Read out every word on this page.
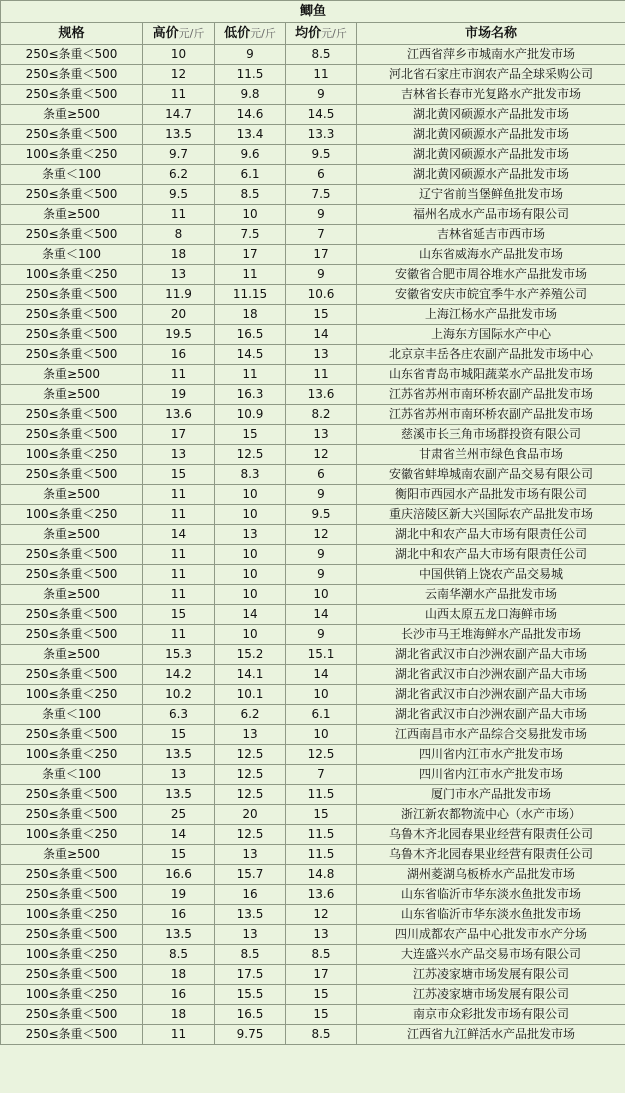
鲫鱼				
规格	高价元/斤	低价元/斤	均价元/斤	市场名称
250≤条重＜500	10	9	8.5	江西省萍乡市城南水产批发市场
250≤条重＜500	12	11.5	11	河北省石家庄市润农产品全球采购公司
250≤条重＜500	11	9.8	9	吉林省长春市光复路水产批发市场
条重≥500	14.7	14.6	14.5	湖北黄冈硕源水产品批发市场
250≤条重＜500	13.5	13.4	13.3	湖北黄冈硕源水产品批发市场
100≤条重＜250	9.7	9.6	9.5	湖北黄冈硕源水产品批发市场
条重＜100	6.2	6.1	6	湖北黄冈硕源水产品批发市场
250≤条重＜500	9.5	8.5	7.5	辽宁省前当堡鲜鱼批发市场
条重≥500	11	10	9	福州名成水产品市场有限公司
250≤条重＜500	8	7.5	7	吉林省延吉市西市场
条重＜100	18	17	17	山东省威海水产品批发市场
100≤条重＜250	13	11	9	安徽省合肥市周谷堆水产品批发市场
250≤条重＜500	11.9	11.15	10.6	安徽省安庆市皖宜季牛水产养殖公司
250≤条重＜500	20	18	15	上海江杨水产品批发市场
250≤条重＜500	19.5	16.5	14	上海东方国际水产中心
250≤条重＜500	16	14.5	13	北京京丰岳各庄农副产品批发市场中心
条重≥500	11	11	11	山东省青岛市城阳蔬菜水产品批发市场
条重≥500	19	16.3	13.6	江苏省苏州市南环桥农副产品批发市场
250≤条重＜500	13.6	10.9	8.2	江苏省苏州市南环桥农副产品批发市场
250≤条重＜500	17	15	13	慈溪市长三角市场群投资有限公司
100≤条重＜250	13	12.5	12	甘肃省兰州市绿色食品市场
250≤条重＜500	15	8.3	6	安徽省蚌埠城南农副产品交易有限公司
条重≥500	11	10	9	衡阳市西园水产品批发市场有限公司
100≤条重＜250	11	10	9.5	重庆涪陵区新大兴国际农产品批发市场
条重≥500	14	13	12	湖北中和农产品大市场有限责任公司
250≤条重＜500	11	10	9	湖北中和农产品大市场有限责任公司
250≤条重＜500	11	10	9	中国供销上饶农产品交易城
条重≥500	11	10	10	云南华潮水产品批发市场
250≤条重＜500	15	14	14	山西太原五龙口海鲜市场
250≤条重＜500	11	10	9	长沙市马王堆海鲜水产品批发市场
条重≥500	15.3	15.2	15.1	湖北省武汉市白沙洲农副产品大市场
250≤条重＜500	14.2	14.1	14	湖北省武汉市白沙洲农副产品大市场
100≤条重＜250	10.2	10.1	10	湖北省武汉市白沙洲农副产品大市场
条重＜100	6.3	6.2	6.1	湖北省武汉市白沙洲农副产品大市场
250≤条重＜500	15	13	10	江西南昌市水产品综合交易批发市场
100≤条重＜250	13.5	12.5	12.5	四川省内江市水产批发市场
条重＜100	13	12.5	7	四川省内江市水产批发市场
250≤条重＜500	13.5	12.5	11.5	厦门市水产品批发市场
250≤条重＜500	25	20	15	浙江新农都物流中心（水产市场）
100≤条重＜250	14	12.5	11.5	乌鲁木齐北园春果业经营有限责任公司
条重≥500	15	13	11.5	乌鲁木齐北园春果业经营有限责任公司
250≤条重＜500	16.6	15.7	14.8	湖州菱湖乌板桥水产品批发市场
250≤条重＜500	19	16	13.6	山东省临沂市华东淡水鱼批发市场
100≤条重＜250	16	13.5	12	山东省临沂市华东淡水鱼批发市场
250≤条重＜500	13.5	13	13	四川成都农产品中心批发市水产分场
100≤条重＜250	8.5	8.5	8.5	大连盛兴水产品交易市场有限公司
250≤条重＜500	18	17.5	17	江苏凌家塘市场发展有限公司
100≤条重＜250	16	15.5	15	江苏凌家塘市场发展有限公司
250≤条重＜500	18	16.5	15	南京市众彩批发市场有限公司
250≤条重＜500	11	9.75	8.5	江西省九江鲜活水产品批发市场
